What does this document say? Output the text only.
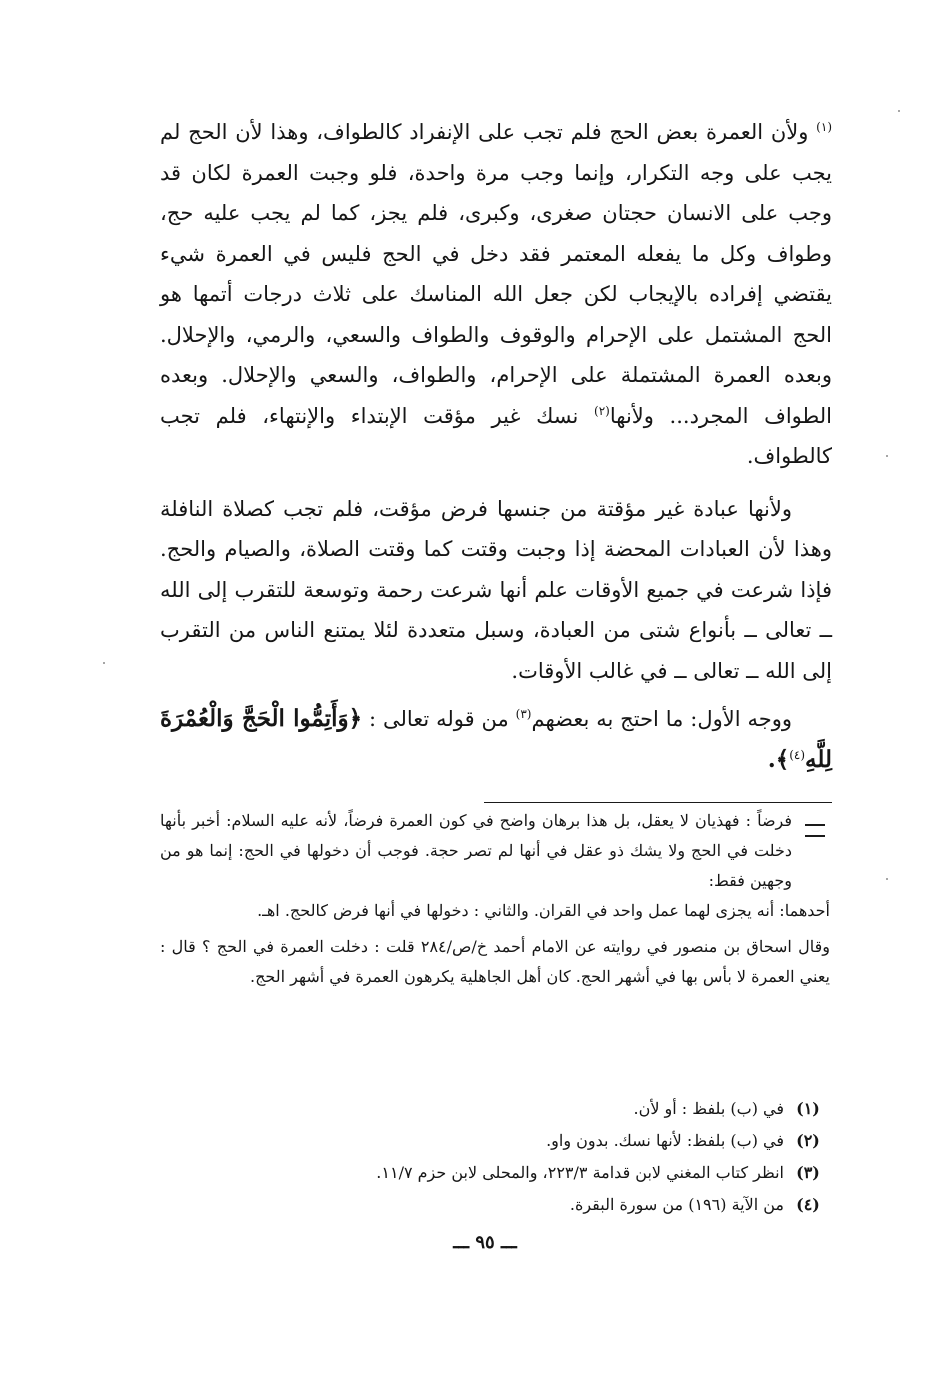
$^{(١)}$ ولأن العمرة بعض الحج فلم تجب على الإنفراد كالطواف، وهذا لأن الحج لم يجب على وجه التكرار، وإنما وجب مرة واحدة، فلو وجبت العمرة لكان قد وجب على الانسان حجتان صغرى، وكبرى، فلم يجز، كما لم يجب عليه حج، وطواف وكل ما يفعله المعتمر فقد دخل في الحج فليس في العمرة شيء يقتضي إفراده بالإيجاب لكن جعل الله المناسك على ثلاث درجات أتمها هو الحج المشتمل على الإحرام والوقوف والطواف والسعي، والرمي، والإحلال. وبعده العمرة المشتملة على الإحرام، والطواف، والسعي والإحلال. وبعده الطواف المجرد... ولأنها$^{(٢)}$ نسك غير مؤقت الإبتداء والإنتهاء، فلم تجب كالطواف.

ولأنها عبادة غير مؤقتة من جنسها فرض مؤقت، فلم تجب كصلاة النافلة وهذا لأن العبادات المحضة إذا وجبت وقتت كما وقتت الصلاة، والصيام والحج. فإذا شرعت في جميع الأوقات علم أنها شرعت رحمة وتوسعة للتقرب إلى الله ــ تعالى ــ بأنواع شتى من العبادة، وسبل متعددة لئلا يمتنع الناس من التقرب إلى الله ــ تعالى ــ في غالب الأوقات.

ووجه الأول: ما احتج به بعضهم$^{(٣)}$ من قوله تعالى : ﴿وَأَتِمُّوا الْحَجَّ وَالْعُمْرَةَ لِلَّهِ$^{(٤)}$﴾.

فرضاً : فهذيان لا يعقل، بل هذا برهان واضح في كون العمرة فرضاً، لأنه عليه السلام: أخبر بأنها دخلت في الحج ولا يشك ذو عقل في أنها لم تصر حجة. فوجب أن دخولها في الحج: إنما هو من وجهين فقط:

أحدهما: أنه يجزى لهما عمل واحد في القران. والثاني : دخولها في أنها فرض كالحج. اهـ.

وقال اسحاق بن منصور في روايته عن الامام أحمد خ/ص/٢٨٤ قلت : دخلت العمرة في الحج ؟ قال : يعني العمرة لا بأس بها في أشهر الحج. كان أهل الجاهلية يكرهون العمرة في أشهر الحج.

(١)في (ب) بلفظ : أو لأن.
(٢)في (ب) بلفظ: لأنها نسك. بدون واو.
(٣)انظر كتاب المغني لابن قدامة ٢٢٣/٣، والمحلى لابن حزم ١١/٧.
(٤)من الآية (١٩٦) من سورة البقرة.
ـــ ٩٥ ـــ
